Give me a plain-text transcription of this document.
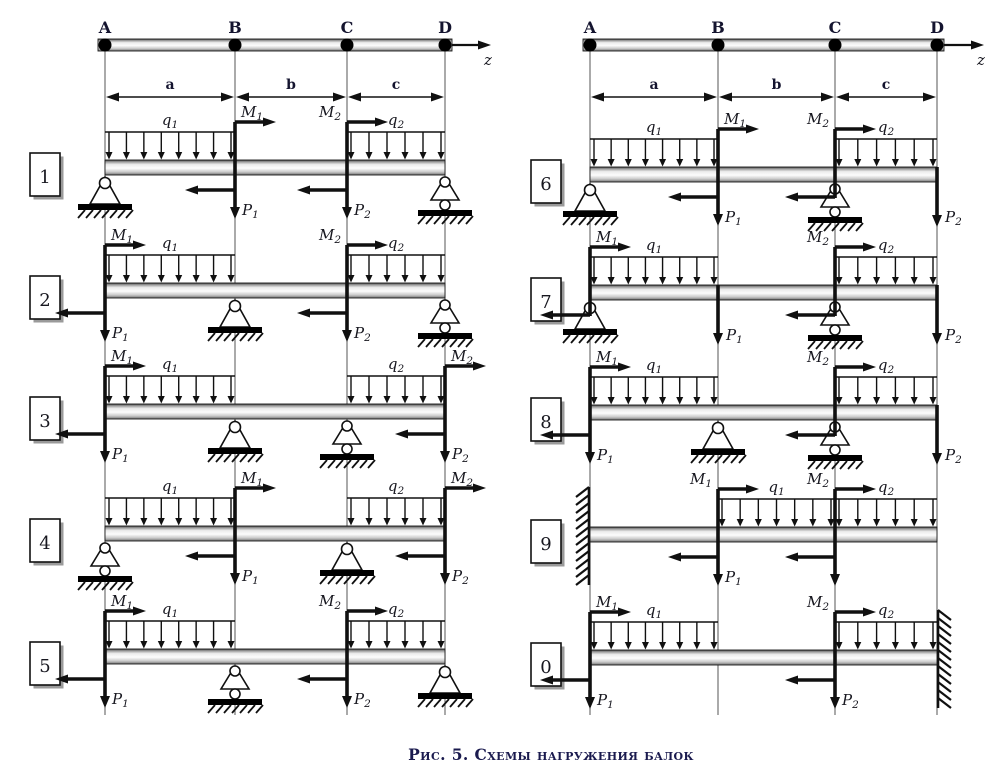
A	B	C	D
z
a	b	c
1
$q_1$	$q_2$
$M_1$
$P_1$
$M_2$
$P_2$
2
$q_1$	$q_2$
$M_1$
$P_1$
$M_2$
$P_2$
3
$q_1$	$q_2$
$M_1$
$P_1$
$M_2$
$P_2$
4
$q_1$	$q_2$
$M_1$
$P_1$
$M_2$
$P_2$
5
$q_1$	$q_2$
$M_1$
$P_1$
$M_2$
$P_2$
A	B	C	D
z
a	b	c
6
$q_1$	$q_2$
$M_1$
$P_1$
$M_2$
$P_2$
7
$q_1$	$q_2$
$M_1$	$M_2$
$P_1$	$P_2$
8
$q_1$	$q_2$
$M_1$
$P_1$
$M_2$
$P_2$
9
$q_1$	$q_2$
$M_1$
$P_1$
$M_2$
0
$q_1$	$q_2$
$M_1$
$P_1$
$M_2$
$P_2$
Рис. 5. Схемы нагружения балок
